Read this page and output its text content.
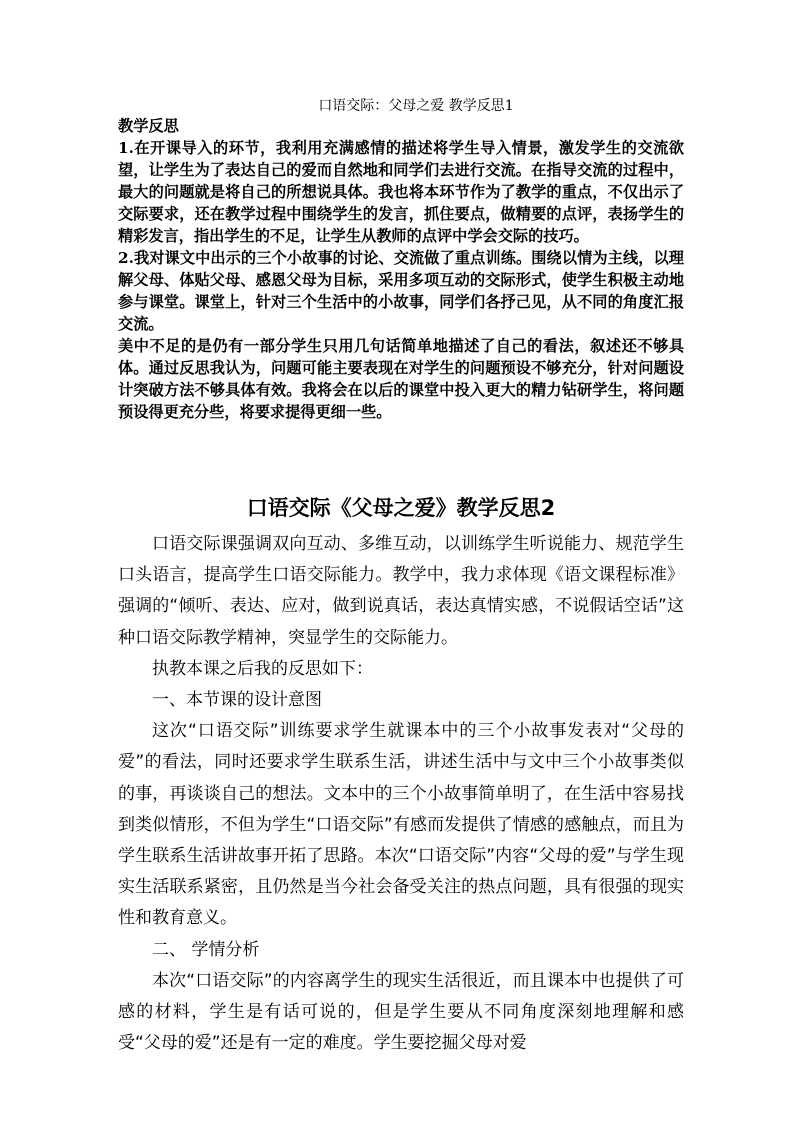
口语交际：父母之爱 教学反思1

教学反思

1.在开课导入的环节，我利用充满感情的描述将学生导入情景，激发学生的交流欲望，让学生为了表达自己的爱而自然地和同学们去进行交流。在指导交流的过程中，最大的问题就是将自己的所想说具体。我也将本环节作为了教学的重点，不仅出示了交际要求，还在教学过程中围绕学生的发言，抓住要点，做精要的点评，表扬学生的精彩发言，指出学生的不足，让学生从教师的点评中学会交际的技巧。

2.我对课文中出示的三个小故事的讨论、交流做了重点训练。围绕以情为主线，以理解父母、体贴父母、感恩父母为目标，采用多项互动的交际形式，使学生积极主动地参与课堂。课堂上，针对三个生活中的小故事，同学们各抒己见，从不同的角度汇报交流。

美中不足的是仍有一部分学生只用几句话简单地描述了自己的看法，叙述还不够具体。通过反思我认为，问题可能主要表现在对学生的问题预设不够充分，针对问题设计突破方法不够具体有效。我将会在以后的课堂中投入更大的精力钻研学生，将问题预设得更充分些，将要求提得更细一些。

口语交际《父母之爱》教学反思2

口语交际课强调双向互动、多维互动，以训练学生听说能力、规范学生口头语言，提高学生口语交际能力。教学中，我力求体现《语文课程标准》强调的“倾听、表达、应对，做到说真话，表达真情实感，不说假话空话”这种口语交际教学精神，突显学生的交际能力。

执教本课之后我的反思如下：

一、本节课的设计意图

这次“口语交际”训练要求学生就课本中的三个小故事发表对“父母的爱”的看法，同时还要求学生联系生活，讲述生活中与文中三个小故事类似的事，再谈谈自己的想法。文本中的三个小故事简单明了，在生活中容易找到类似情形，不但为学生“口语交际”有感而发提供了情感的感触点，而且为学生联系生活讲故事开拓了思路。本次“口语交际”内容“父母的爱”与学生现实生活联系紧密，且仍然是当今社会备受关注的热点问题，具有很强的现实性和教育意义。

二、 学情分析

本次“口语交际”的内容离学生的现实生活很近，而且课本中也提供了可感的材料，学生是有话可说的，但是学生要从不同角度深刻地理解和感受“父母的爱”还是有一定的难度。学生要挖掘父母对爱
